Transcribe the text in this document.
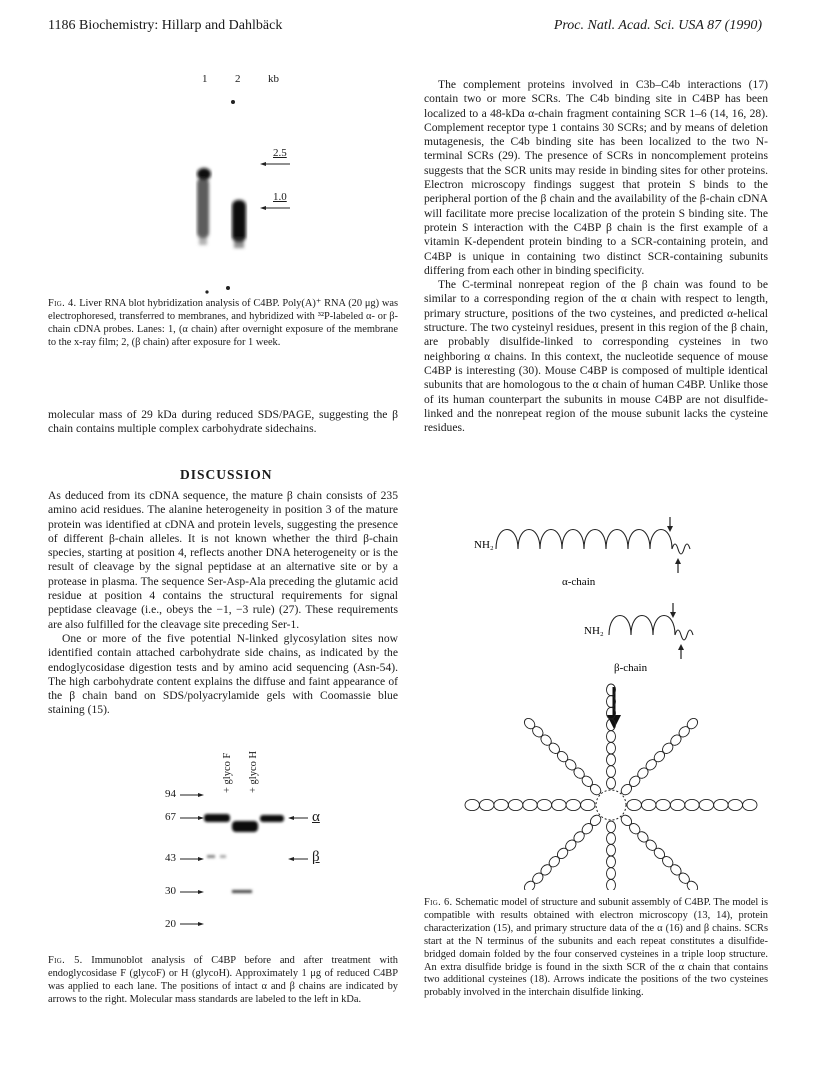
1186 Biochemistry: Hillarp and Dahlbäck	Proc. Natl. Acad. Sci. USA 87 (1990)
1	2	kb
2.5
1.0
Fig. 4. Liver RNA blot hybridization analysis of C4BP. Poly(A)⁺ RNA (20 μg) was electrophoresed, transferred to membranes, and hybridized with ³²P-labeled α- or β-chain cDNA probes. Lanes: 1, (α chain) after overnight exposure of the membrane to the x-ray film; 2, (β chain) after exposure for 1 week.

molecular mass of 29 kDa during reduced SDS/PAGE, suggesting the β chain contains multiple complex carbohydrate sidechains.

DISCUSSION

As deduced from its cDNA sequence, the mature β chain consists of 235 amino acid residues. The alanine heterogeneity in position 3 of the mature protein was identified at cDNA and protein levels, suggesting the presence of different β-chain alleles. It is not known whether the third β-chain species, starting at position 4, reflects another DNA heterogeneity or is the result of cleavage by the signal peptidase at an alternative site or by a protease in plasma. The sequence Ser-Asp-Ala preceding the glutamic acid residue at position 4 contains the structural requirements for signal peptidase cleavage (i.e., obeys the −1, −3 rule) (27). These requirements are also fulfilled for the cleavage site preceding Ser-1.

One or more of the five potential N-linked glycosylation sites now identified contain attached carbohydrate side chains, as indicated by the endoglycosidase digestion tests and by amino acid sequencing (Asn-54). The high carbohydrate content explains the diffuse and faint appearance of the β chain band on SDS/polyacrylamide gels with Coomassie blue staining (15).

+ glyco F + glyco H
94
67
43
30
20
α
β
Fig. 5. Immunoblot analysis of C4BP before and after treatment with endoglycosidase F (glycoF) or H (glycoH). Approximately 1 μg of reduced C4BP was applied to each lane. The positions of intact α and β chains are indicated by arrows to the right. Molecular mass standards are labeled to the left in kDa.

The complement proteins involved in C3b–C4b interactions (17) contain two or more SCRs. The C4b binding site in C4BP has been localized to a 48-kDa α-chain fragment containing SCR 1–6 (14, 16, 28). Complement receptor type 1 contains 30 SCRs; and by means of deletion mutagenesis, the C4b binding site has been localized to the two N-terminal SCRs (29). The presence of SCRs in noncomplement proteins suggests that the SCR units may reside in binding sites for other proteins. Electron microscopy findings suggest that protein S binds to the peripheral portion of the β chain and the availability of the β-chain cDNA will facilitate more precise localization of the protein S binding site. The protein S interaction with the C4BP β chain is the first example of a vitamin K-dependent protein binding to a SCR-containing protein, and C4BP is unique in containing two distinct SCR-containing subunits differing from each other in binding specificity.

The C-terminal nonrepeat region of the β chain was found to be similar to a corresponding region of the α chain with respect to length, primary structure, positions of the two cysteines, and predicted α-helical structure. The two cysteinyl residues, present in this region of the β chain, are probably disulfide-linked to corresponding cysteines in two neighboring α chains. In this context, the nucleotide sequence of mouse C4BP is interesting (30). Mouse C4BP is composed of multiple identical subunits that are homologous to the α chain of human C4BP. Unlike those of its human counterpart the subunits in mouse C4BP are not disulfide-linked and the nonrepeat region of the mouse subunit lacks the cysteine residues.

NH₂
α-chain
NH₂
β-chain
Fig. 6. Schematic model of structure and subunit assembly of C4BP. The model is compatible with results obtained with electron microscopy (13, 14), protein characterization (15), and primary structure data of the α (16) and β chains. SCRs start at the N terminus of the subunits and each repeat constitutes a disulfide-bridged domain folded by the four conserved cysteines in a triple loop structure. An extra disulfide bridge is found in the sixth SCR of the α chain that contains two additional cysteines (18). Arrows indicate the positions of the two cysteines probably involved in the interchain disulfide linking.
